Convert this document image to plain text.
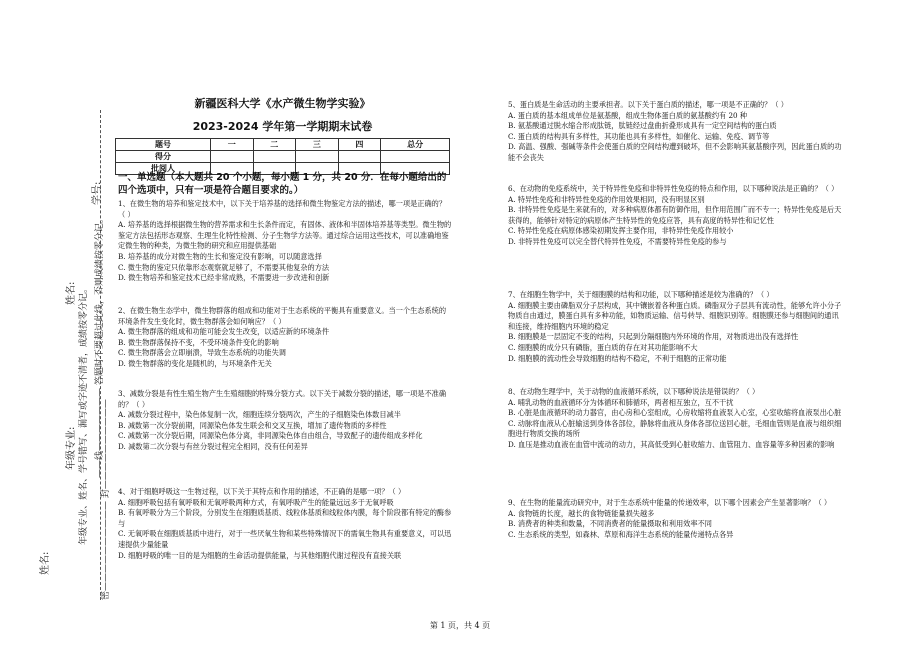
学号:
——线——————— 答题时不要超过此线，否则成绩按零分记。
姓名:
年级专业: 年级专业、姓名、学号错写、漏写或字迹不清者，成绩按零分记。
姓名:	密—————————— 封——————————
新疆医科大学《水产微生物学实验》
2023-2024 学年第一学期期末试卷
题号	一	二	三	四	总分
得分					
批阅人					
一、单选题（本大题共 20 个小题，每小题 1 分，共 20 分．在每小题给出的四个选项中，只有一项是符合题目要求的。）

1、在微生物的培养和鉴定技术中，以下关于培养基的选择和微生物鉴定方法的描述，哪一项是正确的？（ ）

A. 培养基的选择根据微生物的营养需求和生长条件而定，有固体、液体和半固体培养基等类型。微生物的鉴定方法包括形态观察、生理生化特性检测、分子生物学方法等。通过综合运用这些技术，可以准确地鉴定微生物的种类，为微生物的研究和应用提供基础

B. 培养基的成分对微生物的生长和鉴定没有影响，可以随意选择

C. 微生物的鉴定只依靠形态观察就足够了，不需要其他复杂的方法

D. 微生物培养和鉴定技术已经非常成熟，不需要进一步改进和创新

2、在微生物生态学中，微生物群落的组成和功能对于生态系统的平衡具有重要意义。当一个生态系统的环境条件发生变化时，微生物群落会如何响应？（ ）

A. 微生物群落的组成和功能可能会发生改变，以适应新的环境条件

B. 微生物群落保持不变，不受环境条件变化的影响

C. 微生物群落会立即崩溃，导致生态系统的功能失调

D. 微生物群落的变化是随机的，与环境条件无关

3、减数分裂是有性生殖生物产生生殖细胞的特殊分裂方式。以下关于减数分裂的描述，哪一项是不准确的？（ ）

A. 减数分裂过程中，染色体复制一次，细胞连续分裂两次，产生的子细胞染色体数目减半

B. 减数第一次分裂前期，同源染色体发生联会和交叉互换，增加了遗传物质的多样性

C. 减数第一次分裂后期，同源染色体分离，非同源染色体自由组合，导致配子的遗传组成多样化

D. 减数第二次分裂与有丝分裂过程完全相同，没有任何差异

4、对于细胞呼吸这一生物过程，以下关于其特点和作用的描述，不正确的是哪一项？（ ）

A. 细胞呼吸包括有氧呼吸和无氧呼吸两种方式，有氧呼吸产生的能量远远多于无氧呼吸

B. 有氧呼吸分为三个阶段，分别发生在细胞质基质、线粒体基质和线粒体内膜，每个阶段都有特定的酶参与

C. 无氧呼吸在细胞质基质中进行，对于一些厌氧生物和某些特殊情况下的需氧生物具有重要意义，可以迅速提供少量能量

D. 细胞呼吸的唯一目的是为细胞的生命活动提供能量，与其他细胞代谢过程没有直接关联

5、蛋白质是生命活动的主要承担者。以下关于蛋白质的描述，哪一项是不正确的？（ ）

A. 蛋白质的基本组成单位是氨基酸，组成生物体蛋白质的氨基酸约有 20 种

B. 氨基酸通过脱水缩合形成肽链，肽链经过盘曲折叠形成具有一定空间结构的蛋白质

C. 蛋白质的结构具有多样性，其功能也具有多样性，如催化、运输、免疫、调节等

D. 高温、强酸、强碱等条件会使蛋白质的空间结构遭到破坏，但不会影响其氨基酸序列，因此蛋白质的功能不会丧失

6、在动物的免疫系统中，关于特异性免疫和非特异性免疫的特点和作用，以下哪种说法是正确的？（ ）

A. 特异性免疫和非特异性免疫的作用效果相同，没有明显区别

B. 非特异性免疫是生来就有的，对多种病原体都有防御作用，但作用范围广而不专一；特异性免疫是后天获得的，能够针对特定的病原体产生特异性的免疫应答，具有高度的特异性和记忆性

C. 特异性免疫在病原体感染初期发挥主要作用，非特异性免疫作用较小

D. 非特异性免疫可以完全替代特异性免疫，不需要特异性免疫的参与

7、在细胞生物学中，关于细胞膜的结构和功能，以下哪种描述是较为准确的？（ ）

A. 细胞膜主要由磷脂双分子层构成，其中镶嵌着各种蛋白质。磷脂双分子层具有流动性，能够允许小分子物质自由通过，膜蛋白具有多种功能，如物质运输、信号转导、细胞识别等。细胞膜还参与细胞间的通讯和连接，维持细胞内环境的稳定

B. 细胞膜是一层固定不变的结构，只起到分隔细胞内外环境的作用，对物质进出没有选择性

C. 细胞膜的成分只有磷脂，蛋白质的存在对其功能影响不大

D. 细胞膜的流动性会导致细胞的结构不稳定，不利于细胞的正常功能

8、在动物生理学中，关于动物的血液循环系统，以下哪种说法是错误的？（ ）

A. 哺乳动物的血液循环分为体循环和肺循环，两者相互独立，互不干扰

B. 心脏是血液循环的动力器官，由心房和心室组成，心房收缩将血液泵入心室，心室收缩将血液泵出心脏

C. 动脉将血液从心脏输送到身体各部位，静脉将血液从身体各部位送回心脏，毛细血管则是血液与组织细胞进行物质交换的场所

D. 血压是推动血液在血管中流动的动力，其高低受到心脏收缩力、血管阻力、血容量等多种因素的影响

9、在生物的能量流动研究中，对于生态系统中能量的传递效率，以下哪个因素会产生显著影响？（ ）

A. 食物链的长度，越长的食物链能量损失越多

B. 消费者的种类和数量，不同消费者的能量摄取和利用效率不同

C. 生态系统的类型，如森林、草原和海洋生态系统的能量传递特点各异

第 1 页，共 4 页
